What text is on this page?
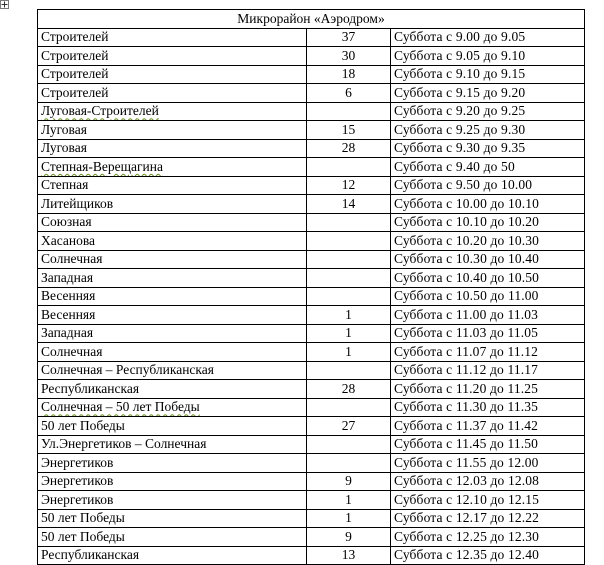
Микрорайон «Аэродром»		
Строителей	37	Суббота с 9.00 до 9.05
Строителей	30	Суббота с 9.05 до 9.10
Строителей	18	Суббота с 9.10 до 9.15
Строителей	6	Суббота с 9.15 до 9.20
Луговая-Строителей		Суббота с 9.20 до 9.25
Луговая	15	Суббота с 9.25 до 9.30
Луговая	28	Суббота с 9.30 до 9.35
Степная-Верещагина		Суббота с 9.40 до 50
Степная	12	Суббота с 9.50 до 10.00
Литейщиков	14	Суббота с 10.00 до 10.10
Союзная		Суббота с 10.10 до 10.20
Хасанова		Суббота с 10.20 до 10.30
Солнечная		Суббота с 10.30 до 10.40
Западная		Суббота с 10.40 до 10.50
Весенняя		Суббота с 10.50 до 11.00
Весенняя	1	Суббота с 11.00 до 11.03
Западная	1	Суббота с 11.03 до 11.05
Солнечная	1	Суббота с 11.07 до 11.12
Солнечная – Республиканская		Суббота с 11.12 до 11.17
Республиканская	28	Суббота с 11.20 до 11.25
Солнечная – 50 лет Победы		Суббота с 11.30 до 11.35
50 лет Победы	27	Суббота с 11.37 до 11.42
Ул.Энергетиков – Солнечная		Суббота с 11.45 до 11.50
Энергетиков		Суббота с 11.55 до 12.00
Энергетиков	9	Суббота с 12.03 до 12.08
Энергетиков	1	Суббота с 12.10 до 12.15
50 лет Победы	1	Суббота с 12.17 до 12.22
50 лет Победы	9	Суббота с 12.25 до 12.30
Республиканская	13	Суббота с 12.35 до 12.40
